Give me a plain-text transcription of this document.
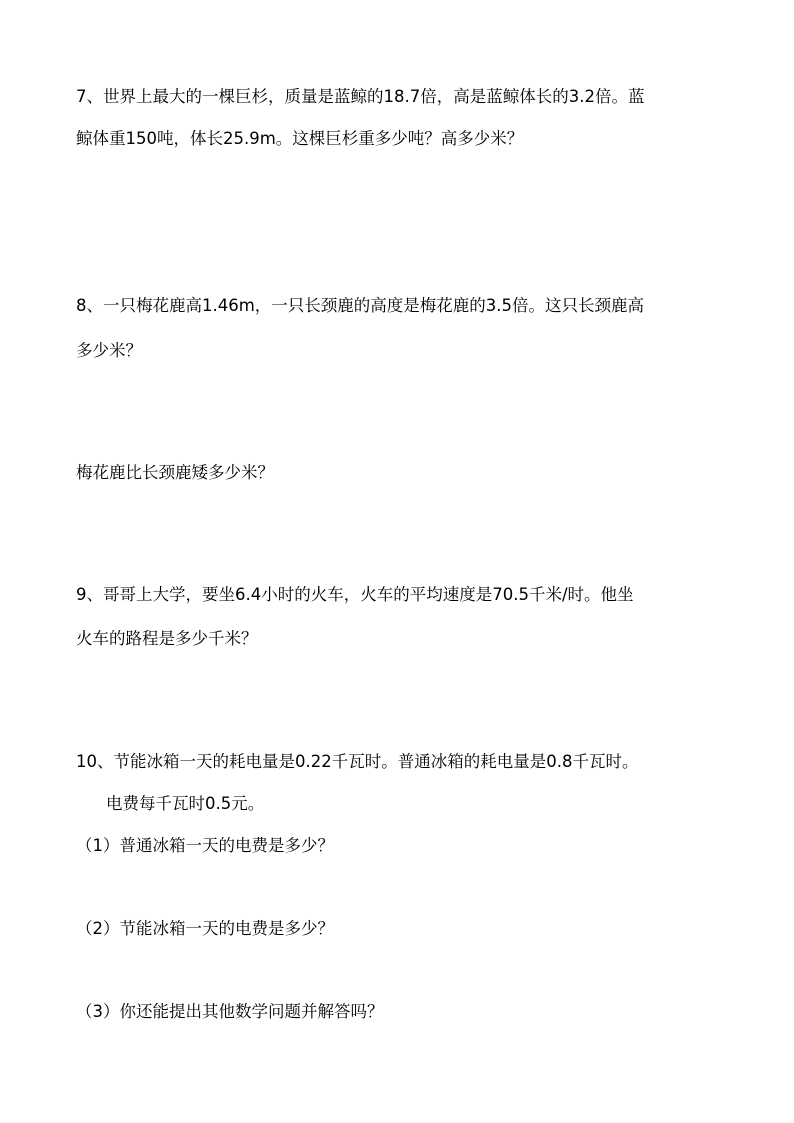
7、世界上最大的一棵巨杉，质量是蓝鲸的18.7倍，高是蓝鲸体长的3.2倍。蓝
鲸体重150吨，体长25.9m。这棵巨杉重多少吨？高多少米？
8、一只梅花鹿高1.46m，一只长颈鹿的高度是梅花鹿的3.5倍。这只长颈鹿高
多少米？
梅花鹿比长颈鹿矮多少米？
9、哥哥上大学，要坐6.4小时的火车，火车的平均速度是70.5千米/时。他坐
火车的路程是多少千米？
10、节能冰箱一天的耗电量是0.22千瓦时。普通冰箱的耗电量是0.8千瓦时。
电费每千瓦时0.5元。
（1）普通冰箱一天的电费是多少？
（2）节能冰箱一天的电费是多少？
（3）你还能提出其他数学问题并解答吗？
